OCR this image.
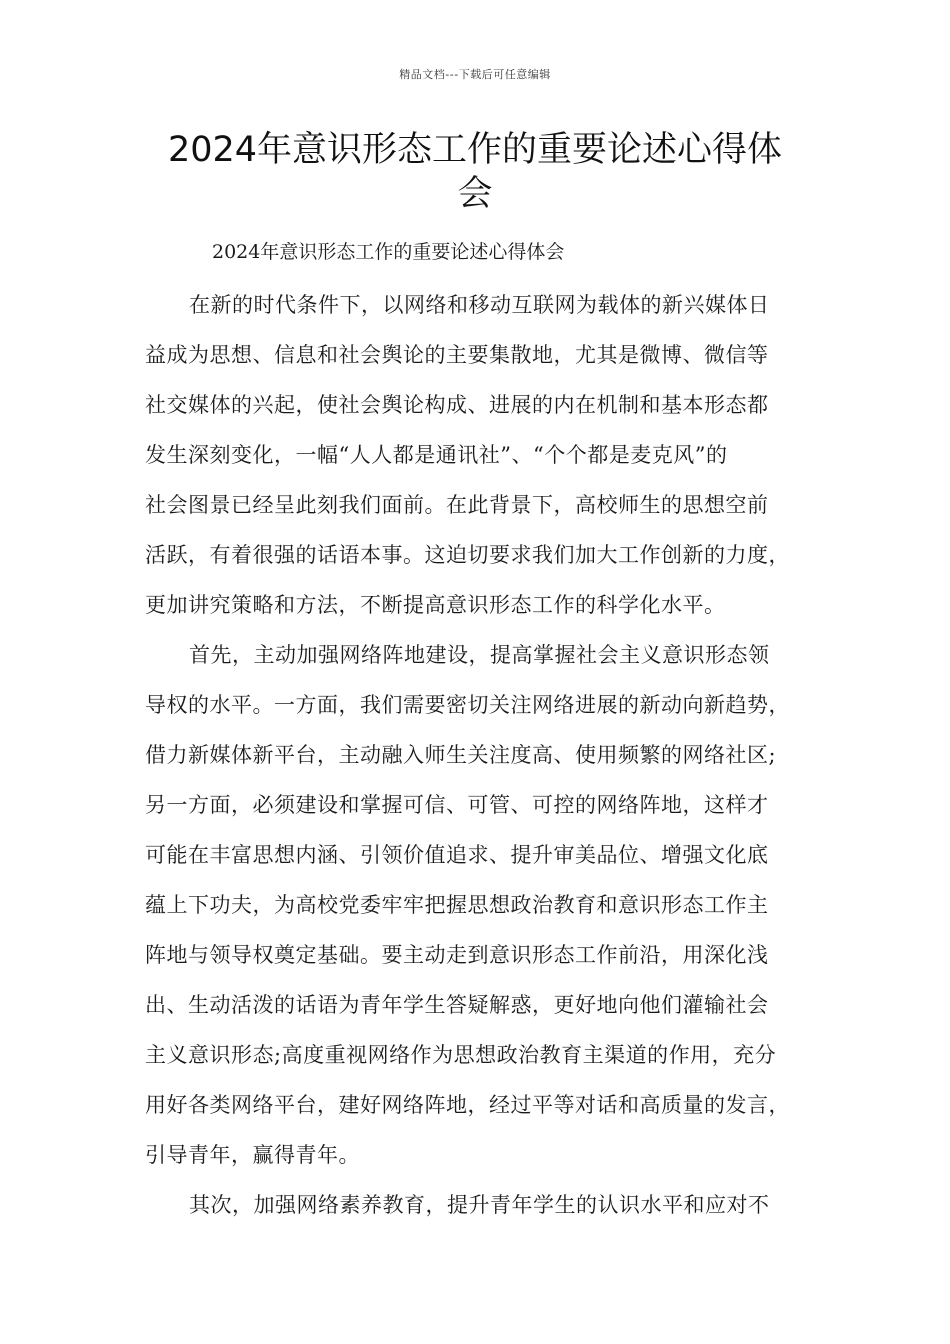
精品文档---下载后可任意编辑
2024年意识形态工作的重要论述心得体
会
2024年意识形态工作的重要论述心得体会
在新的时代条件下，以网络和移动互联网为载体的新兴媒体日
益成为思想、信息和社会舆论的主要集散地，尤其是微博、微信等
社交媒体的兴起，使社会舆论构成、进展的内在机制和基本形态都
发生深刻变化，一幅“人人都是通讯社”、“个个都是麦克风”的
社会图景已经呈此刻我们面前。在此背景下，高校师生的思想空前
活跃，有着很强的话语本事。这迫切要求我们加大工作创新的力度，
更加讲究策略和方法，不断提高意识形态工作的科学化水平。
首先，主动加强网络阵地建设，提高掌握社会主义意识形态领
导权的水平。一方面，我们需要密切关注网络进展的新动向新趋势，
借力新媒体新平台，主动融入师生关注度高、使用频繁的网络社区;
另一方面，必须建设和掌握可信、可管、可控的网络阵地，这样才
可能在丰富思想内涵、引领价值追求、提升审美品位、增强文化底
蕴上下功夫，为高校党委牢牢把握思想政治教育和意识形态工作主
阵地与领导权奠定基础。要主动走到意识形态工作前沿，用深化浅
出、生动活泼的话语为青年学生答疑解惑，更好地向他们灌输社会
主义意识形态;高度重视网络作为思想政治教育主渠道的作用，充分
用好各类网络平台，建好网络阵地，经过平等对话和高质量的发言，
引导青年，赢得青年。
其次，加强网络素养教育，提升青年学生的认识水平和应对不
